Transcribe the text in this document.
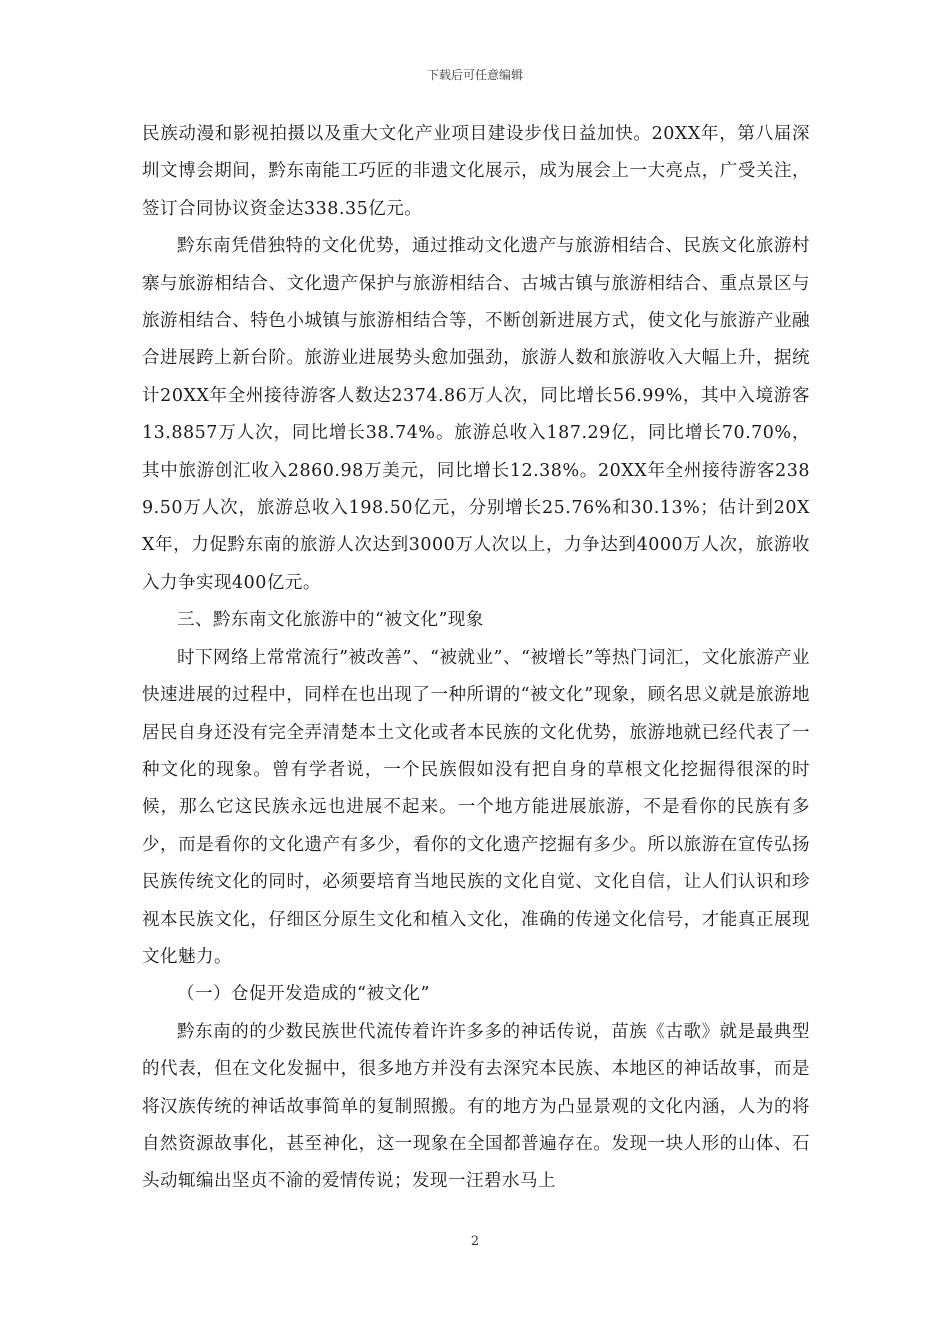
下载后可任意编辑

民族动漫和影视拍摄以及重大文化产业项目建设步伐日益加快。20XX年，第八届深圳文博会期间，黔东南能工巧匠的非遗文化展示，成为展会上一大亮点，广受关注，签订合同协议资金达338.35亿元。

黔东南凭借独特的文化优势，通过推动文化遗产与旅游相结合、民族文化旅游村寨与旅游相结合、文化遗产保护与旅游相结合、古城古镇与旅游相结合、重点景区与旅游相结合、特色小城镇与旅游相结合等，不断创新进展方式，使文化与旅游产业融合进展跨上新台阶。旅游业进展势头愈加强劲，旅游人数和旅游收入大幅上升，据统计20XX年全州接待游客人数达2374.86万人次，同比增长56.99%，其中入境游客13.8857万人次，同比增长38.74%。旅游总收入187.29亿，同比增长70.70%，其中旅游创汇收入2860.98万美元，同比增长12.38%。20XX年全州接待游客2389.50万人次，旅游总收入198.50亿元，分别增长25.76%和30.13%；估计到20XX年，力促黔东南的旅游人次达到3000万人次以上，力争达到4000万人次，旅游收入力争实现400亿元。

三、黔东南文化旅游中的“被文化”现象

时下网络上常常流行”被改善”、“被就业”、“被增长”等热门词汇，文化旅游产业快速进展的过程中，同样在也出现了一种所谓的“被文化”现象，顾名思义就是旅游地居民自身还没有完全弄清楚本土文化或者本民族的文化优势，旅游地就已经代表了一种文化的现象。曾有学者说，一个民族假如没有把自身的草根文化挖掘得很深的时候，那么它这民族永远也进展不起来。一个地方能进展旅游，不是看你的民族有多少，而是看你的文化遗产有多少，看你的文化遗产挖掘有多少。所以旅游在宣传弘扬民族传统文化的同时，必须要培育当地民族的文化自觉、文化自信，让人们认识和珍视本民族文化，仔细区分原生文化和植入文化，准确的传递文化信号，才能真正展现文化魅力。

（一）仓促开发造成的“被文化”

黔东南的的少数民族世代流传着许许多多的神话传说，苗族《古歌》就是最典型的代表，但在文化发掘中，很多地方并没有去深究本民族、本地区的神话故事，而是将汉族传统的神话故事简单的复制照搬。有的地方为凸显景观的文化内涵，人为的将自然资源故事化，甚至神化，这一现象在全国都普遍存在。发现一块人形的山体、石头动辄编出坚贞不渝的爱情传说；发现一汪碧水马上

2
